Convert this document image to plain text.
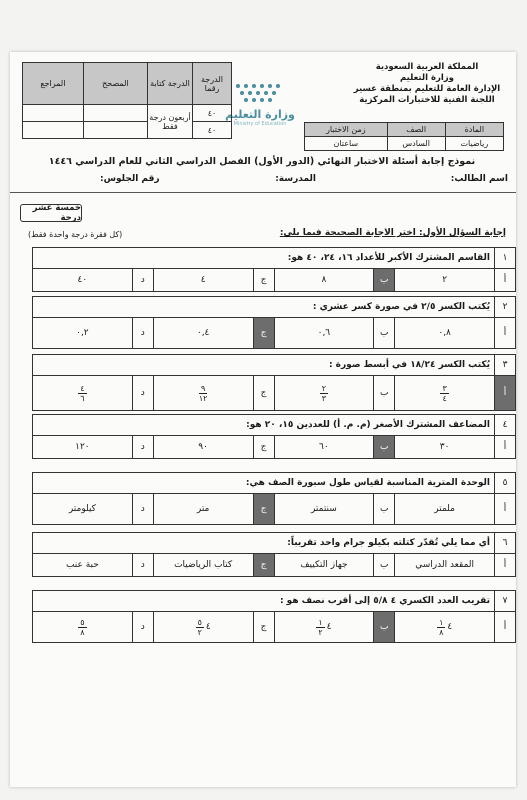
المملكة العربية السعودية
وزارة التعليم
الإدارة العامة للتعليم بمنطقة عسير
اللجنة الفنية للاختبارات المركزية
وزارة التعليم
Ministry of Education
المادة	الصف	زمن الاختبار
رياضيات	السادس	ساعتان
الدرجة رقما	الدرجة كتابة	المصحح	المراجع
٤٠	أربعون درجة فقط		
٤٠			
نموذج إجابة أسئلة الاختبار النهائي (الدور الأول) الفصل الدراسي الثاني للعام الدراسي ١٤٤٦
اسم الطالب:
المدرسة:
رقم الجلوس:
خمسة عشر درجة
إجابة السؤال الأول: اختر الاجابة الصحيحة فيما يلي:
(كل فقرة درجة واحدة فقط)
١
القاسم المشترك الأكبر للأعداد ١٦، ٢٤، ٤٠ هو:
أ
٢
ب
٨
ج
٤
د
٤٠
٢
يُكتب الكسر ٢/٥ في صورة كسر عشري :
أ
٠,٨
ب
٠,٦
ج
٠,٤
د
٠,٢
٣
يُكتب الكسر ١٨/٢٤ في أبسط صورة :
أ
$\frac{٣}{٤}$
ب
$\frac{٢}{٣}$
ج
$\frac{٩}{١٢}$
د
$\frac{٤}{٦}$
٤
المضاعف المشترك الأصغر (م. م. أ) للعددين ١٥، ٢٠ هو:
أ
٣٠
ب
٦٠
ج
٩٠
د
١٢٠
٥
الوحدة المترية المناسبة لقياس طول سبورة الصف هي:
أ
ملمتر
ب
سنتمتر
ج
متر
د
كيلومتر
٦
أي مما يلي تُقدّر كتلته بكيلو جرام واحد تقريباً:
أ
المقعد الدراسي
ب
جهاز التكييف
ج
كتاب الرياضيات
د
حبة عنب
٧
تقريب العدد الكسري ٤ ٥/٨ إلى أقرب نصف هو :
أ
٤
$\frac{١}{٨}$
ب
٤
$\frac{١}{٢}$
ج
٤
$\frac{٥}{٢}$
د
$\frac{٥}{٨}$
